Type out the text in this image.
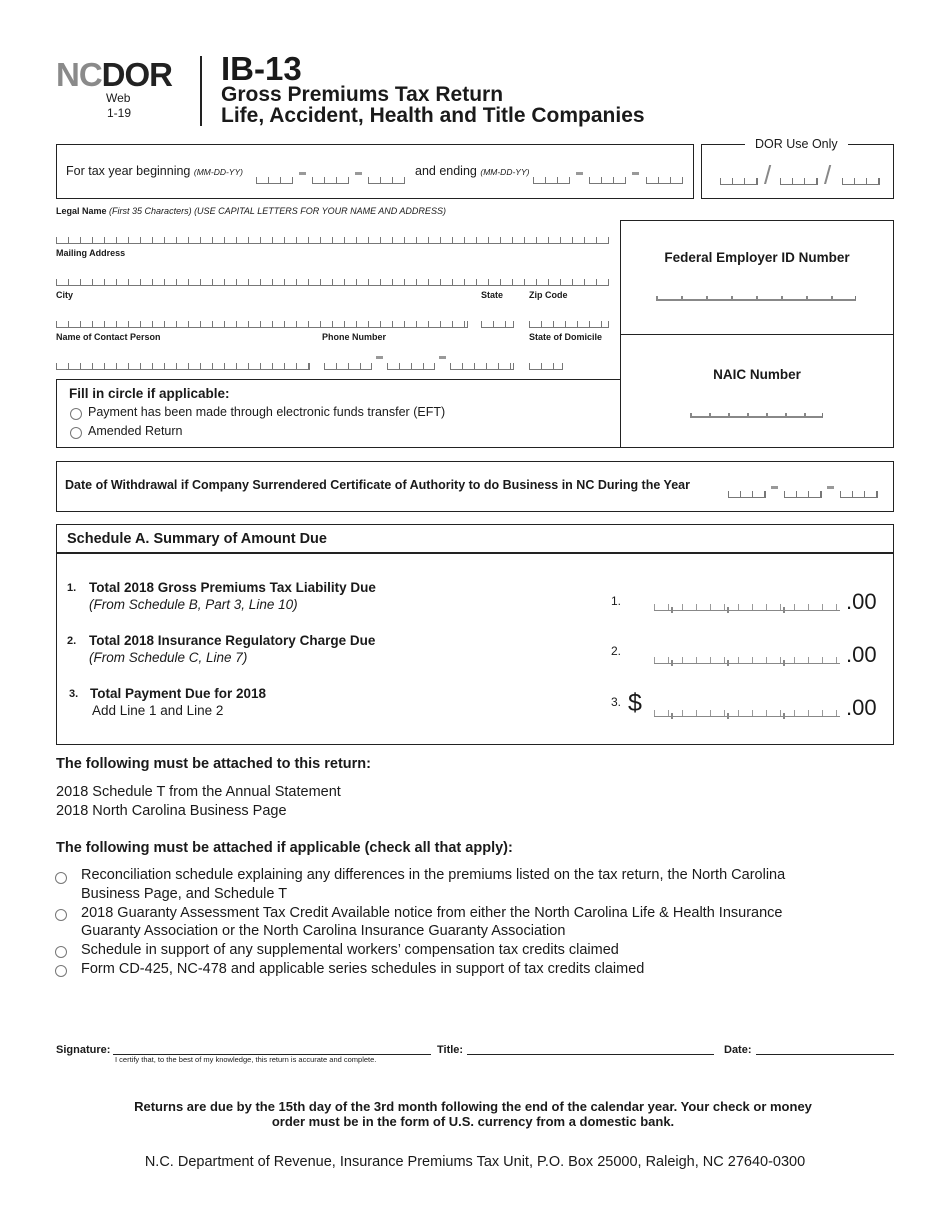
NCDOR
Web
1-19
IB-13
Gross Premiums Tax Return
Life, Accident, Health and Title Companies
For tax year beginning (MM-DD-YY)	and ending (MM-DD-YY)
DOR Use Only
/ /
Legal Name (First 35 Characters) (USE CAPITAL LETTERS FOR YOUR NAME AND ADDRESS)
Mailing Address
City	State	Zip Code
Name of Contact Person	Phone Number	State of Domicile
Fill in circle if applicable:
Payment has been made through electronic funds transfer (EFT)
Amended Return
Federal Employer ID Number
NAIC Number
Date of Withdrawal if Company Surrendered Certificate of Authority to do Business in NC During the Year
Schedule A. Summary of Amount Due
1. Total 2018 Gross Premiums Tax Liability Due
(From Schedule B, Part 3, Line 10)	1.	.00
2. Total 2018 Insurance Regulatory Charge Due
(From Schedule C, Line 7)	2.	.00
3. Total Payment Due for 2018
Add Line 1 and Line 2
3. $	.00
The following must be attached to this return:
2018 Schedule T from the Annual Statement
2018 North Carolina Business Page
The following must be attached if applicable (check all that apply):
Reconciliation schedule explaining any differences in the premiums listed on the tax return, the North Carolina
Business Page, and Schedule T
2018 Guaranty Assessment Tax Credit Available notice from either the North Carolina Life & Health Insurance
Guaranty Association or the North Carolina Insurance Guaranty Association
Schedule in support of any supplemental workers’ compensation tax credits claimed
Form CD-425, NC-478 and applicable series schedules in support of tax credits claimed
Signature:
I certify that, to the best of my knowledge, this return is accurate and complete.
Title:	Date:
Returns are due by the 15th day of the 3rd month following the end of the calendar year. Your check or money
order must be in the form of U.S. currency from a domestic bank.
N.C. Department of Revenue, Insurance Premiums Tax Unit, P.O. Box 25000, Raleigh, NC 27640-0300
